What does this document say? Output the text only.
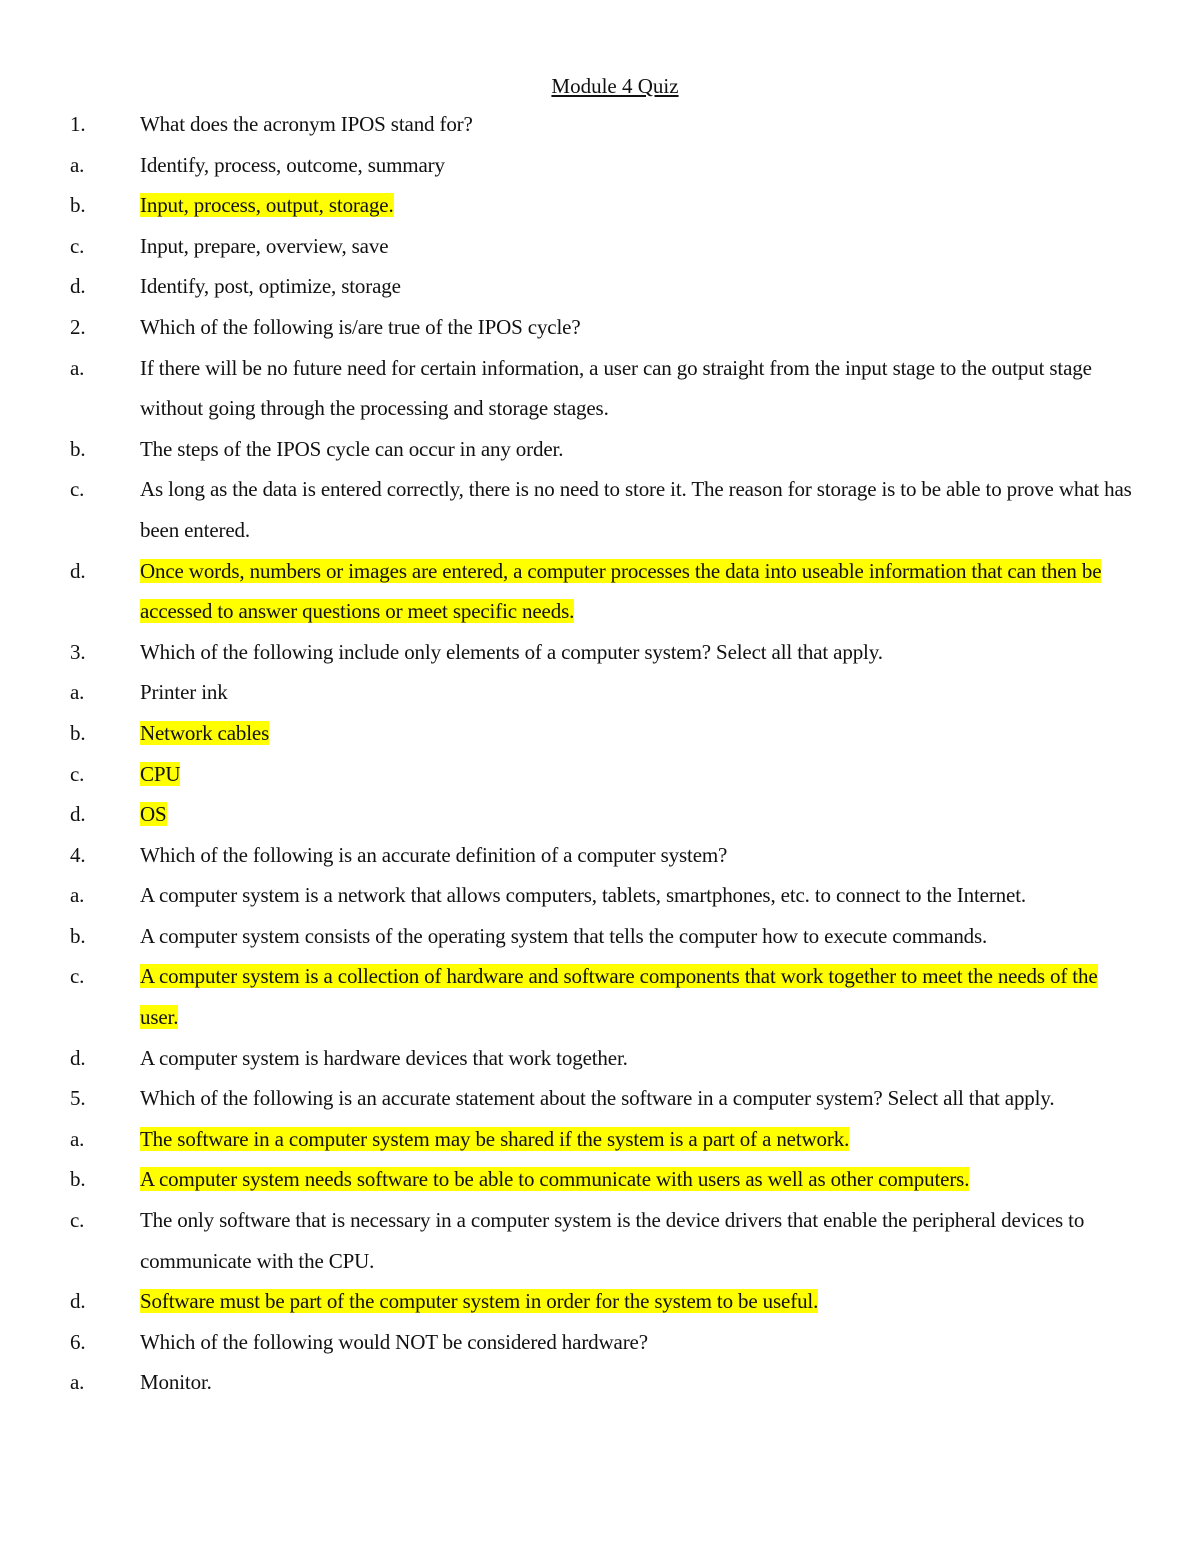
Module 4 Quiz

1.	What does the acronym IPOS stand for?

a.	Identify, process, outcome, summary

b.	Input, process, output, storage.

c.	Input, prepare, overview, save

d.	Identify, post, optimize, storage

2.	Which of the following is/are true of the IPOS cycle?

a.	If there will be no future need for certain information, a user can go straight from the input stage to the output stage without going through the processing and storage stages.

b.	The steps of the IPOS cycle can occur in any order.

c.	As long as the data is entered correctly, there is no need to store it. The reason for storage is to be able to prove what has been entered.

d.	Once words, numbers or images are entered, a computer processes the data into useable information that can then be accessed to answer questions or meet specific needs.

3.	Which of the following include only elements of a computer system? Select all that apply.

a.	Printer ink

b.	Network cables

c.	CPU

d.	OS

4.	Which of the following is an accurate definition of a computer system?

a.	A computer system is a network that allows computers, tablets, smartphones, etc. to connect to the Internet.

b.	A computer system consists of the operating system that tells the computer how to execute commands.

c.	A computer system is a collection of hardware and software components that work together to meet the needs of the user.

d.	A computer system is hardware devices that work together.

5.	Which of the following is an accurate statement about the software in a computer system? Select all that apply.

a.	The software in a computer system may be shared if the system is a part of a network.

b.	A computer system needs software to be able to communicate with users as well as other computers.

c.	The only software that is necessary in a computer system is the device drivers that enable the peripheral devices to communicate with the CPU.

d.	Software must be part of the computer system in order for the system to be useful.

6.	Which of the following would NOT be considered hardware?

a.	Monitor.
